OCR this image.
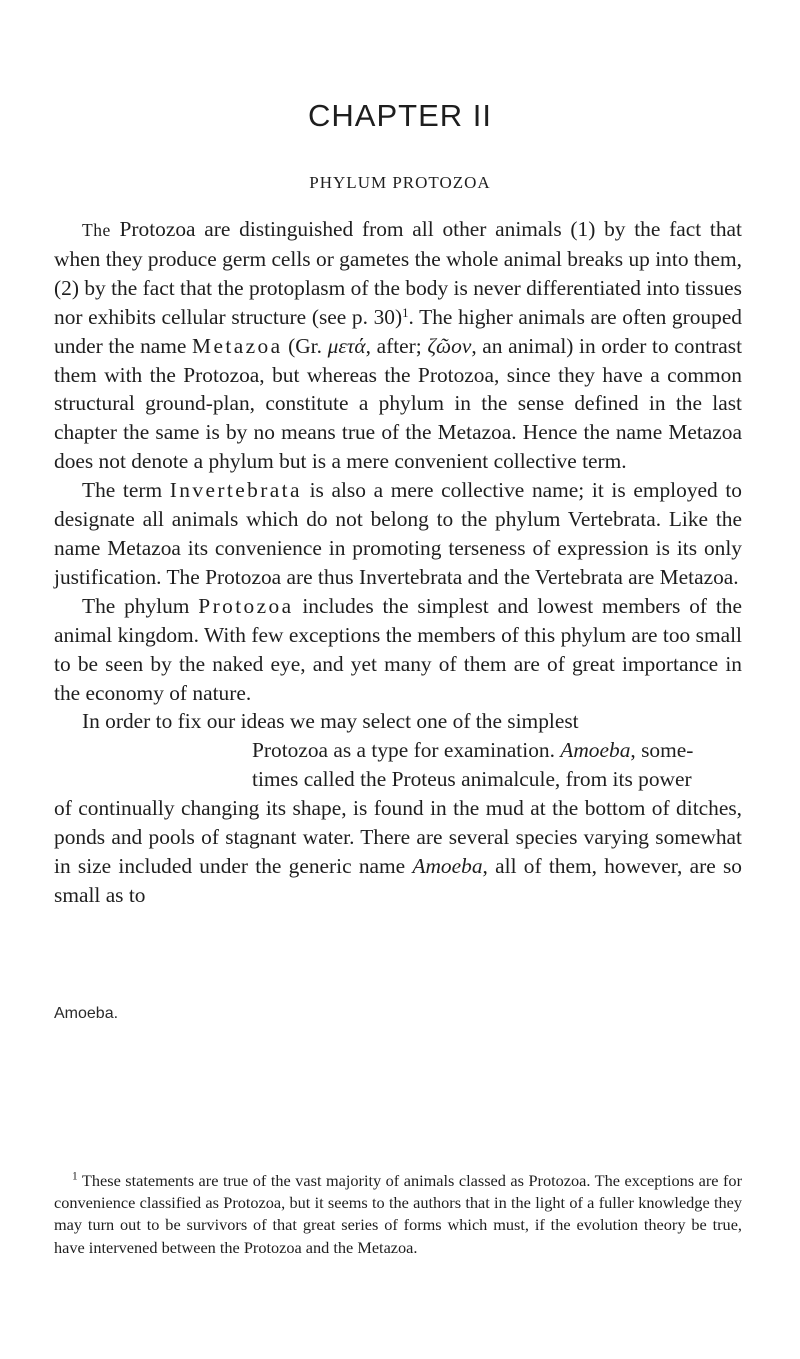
CHAPTER II
PHYLUM PROTOZOA

The Protozoa are distinguished from all other animals (1) by the fact that when they produce germ cells or gametes the whole animal breaks up into them, (2) by the fact that the protoplasm of the body is never differentiated into tissues nor exhibits cellular structure (see p. 30)$^1$. The higher animals are often grouped under the name Metazoa (Gr. μετά, after; ζῶον, an animal) in order to contrast them with the Protozoa, but whereas the Protozoa, since they have a common structural ground-plan, constitute a phylum in the sense defined in the last chapter the same is by no means true of the Metazoa. Hence the name Metazoa does not denote a phylum but is a mere convenient collective term.

The term Invertebrata is also a mere collective name; it is employed to designate all animals which do not belong to the phylum Vertebrata. Like the name Metazoa its convenience in promoting terseness of expression is its only justification. The Protozoa are thus Invertebrata and the Vertebrata are Metazoa.

The phylum Protozoa includes the simplest and lowest members of the animal kingdom. With few exceptions the members of this phylum are too small to be seen by the naked eye, and yet many of them are of great importance in the economy of nature.

In order to fix our ideas we may select one of the simplest

Protozoa as a type for examination. Amoeba, some-
times called the Proteus animalcule, from its power

of continually changing its shape, is found in the mud at the bottom of ditches, ponds and pools of stagnant water. There are several species varying somewhat in size included under the generic name Amoeba, all of them, however, are so small as to

Amoeba.

$^1$ These statements are true of the vast majority of animals classed as Protozoa. The exceptions are for convenience classified as Protozoa, but it seems to the authors that in the light of a fuller knowledge they may turn out to be survivors of that great series of forms which must, if the evolution theory be true, have intervened between the Protozoa and the Metazoa.
